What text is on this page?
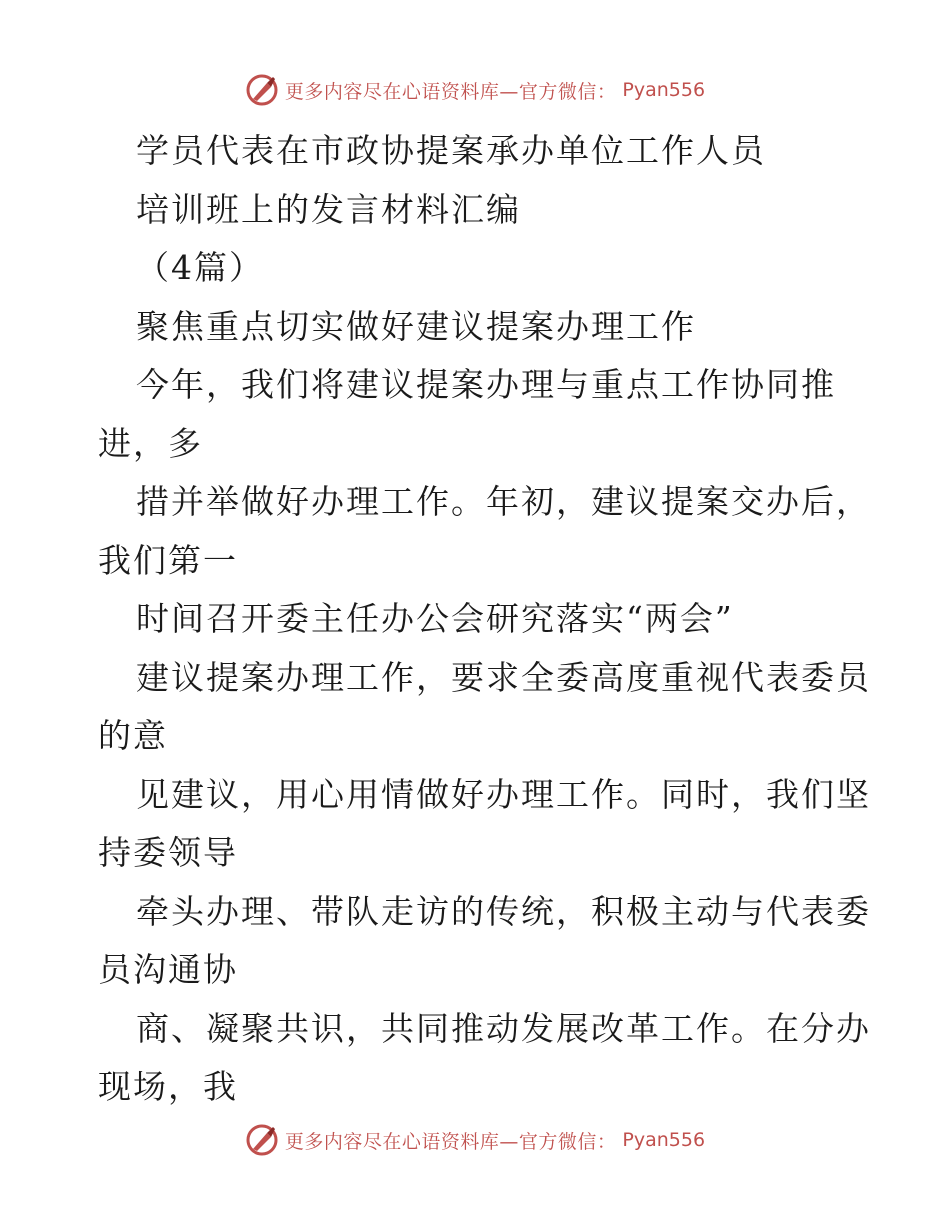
更多内容尽在心语资料库—官方微信： Pyan556
学员代表在市政协提案承办单位工作人员
培训班上的发言材料汇编
（4篇）
聚焦重点切实做好建议提案办理工作
今年，我们将建议提案办理与重点工作协同推
进，多
措并举做好办理工作。年初，建议提案交办后，
我们第一
时间召开委主任办公会研究落实“两会”
建议提案办理工作，要求全委高度重视代表委员
的意
见建议，用心用情做好办理工作。同时，我们坚
持委领导
牵头办理、带队走访的传统，积极主动与代表委
员沟通协
商、凝聚共识，共同推动发展改革工作。在分办
现场，我
更多内容尽在心语资料库—官方微信： Pyan556
